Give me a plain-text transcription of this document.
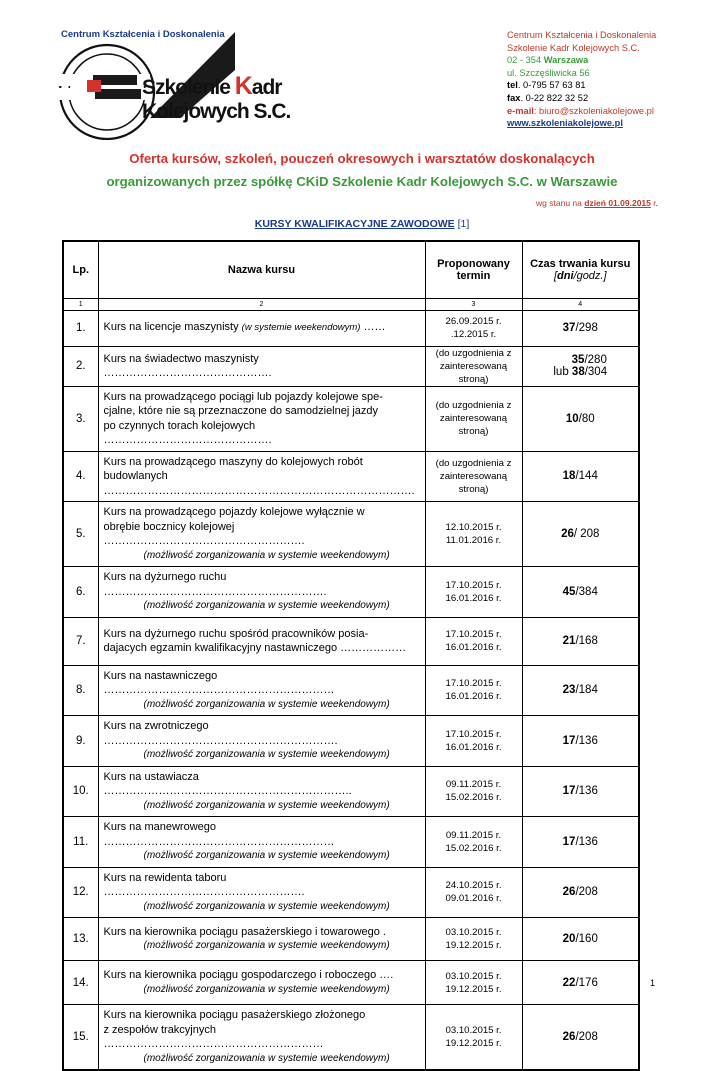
Centrum Kształcenia i Doskonalenia
Szkolenie Kadr
Kolejowych S.C.
Centrum Kształcenia i Doskonalenia
Szkolenie Kadr Kolejowych S.C.
02 - 354 Warszawa
ul. Szczęśliwicka 56
tel. 0-795 57 63 81
fax. 0-22 822 32 52
e-mail: biuro@szkoleniakolejowe.pl
www.szkoleniakolejowe.pl
Oferta kursów, szkoleń, pouczeń okresowych i warsztatów doskonalących
organizowanych przez spółkę CKiD Szkolenie Kadr Kolejowych S.C. w Warszawie
wg stanu na dzień 01.09.2015 r.
KURSY KWALIFIKACYJNE ZAWODOWE [1]
Lp.	Nazwa kursu	Proponowany
termin	Czas trwania kursu
[dni/godz.]
1	2	3	4
1.	Kurs na licencje maszynisty (w systemie weekendowym) ……	26.09.2015 r.
.12.2015 r.	37/298
2.	Kurs na świadectwo maszynisty ……………………………………….	(do uzgodnienia z
zainteresowaną stroną)	35/280
lub 38/304
3.	Kurs na prowadzącego pociągi lub pojazdy kolejowe spe-
cjalne, które nie są przeznaczone do samodzielnej jazdy
po czynnych torach kolejowych ……………………………………….	(do uzgodnienia z
zainteresowaną stroną)	10/80
4.	Kurs na prowadzącego maszyny do kolejowych robót
budowlanych ………………………………………………………………………….	(do uzgodnienia z
zainteresowaną stroną)	18/144
5.	Kurs na prowadzącego pojazdy kolejowe wyłącznie w
obrębie bocznicy kolejowej ……………………………………………….
(możliwość zorganizowania w systemie weekendowym)	12.10.2015 r.
11.01.2016 r.	26/ 208
6.	Kurs na dyżurnego ruchu …………………………………………………….
(możliwość zorganizowania w systemie weekendowym)	17.10.2015 r.
16.01.2016 r.	45/384
7.	Kurs na dyżurnego ruchu spośród pracowników posia-
dajacych egzamin kwalifikacyjny nastawniczego ………………	17.10.2015 r.
16.01.2016 r.	21/168
8.	Kurs na nastawniczego ………………………………………………………
(możliwość zorganizowania w systemie weekendowym)	17.10.2015 r.
16.01.2016 r.	23/184
9.	Kurs na zwrotniczego ……………………………………………………….
(możliwość zorganizowania w systemie weekendowym)	17.10.2015 r.
16.01.2016 r.	17/136
10.	Kurs na ustawiacza …………………………………………………………..
(możliwość zorganizowania w systemie weekendowym)	09.11.2015 r.
15.02.2016 r.	17/136
11.	Kurs na manewrowego ………………………………………………………
(możliwość zorganizowania w systemie weekendowym)	09.11.2015 r.
15.02.2016 r.	17/136
12.	Kurs na rewidenta taboru ……………………………………………….
(możliwość zorganizowania w systemie weekendowym)	24.10.2015 r.
09.01.2016 r.	26/208
13.	Kurs na kierownika pociągu pasażerskiego i towarowego .
(możliwość zorganizowania w systemie weekendowym)	03.10.2015 r.
19.12.2015 r.	20/160
14.	Kurs na kierownika pociągu gospodarczego i roboczego ….
(możliwość zorganizowania w systemie weekendowym)	03.10.2015 r.
19.12.2015 r.	22/176
15.	Kurs na kierownika pociągu pasażerskiego złożonego
z zespołów trakcyjnych ……………………………………………………
(możliwość zorganizowania w systemie weekendowym)	03.10.2015 r.
19.12.2015 r.	26/208
1
